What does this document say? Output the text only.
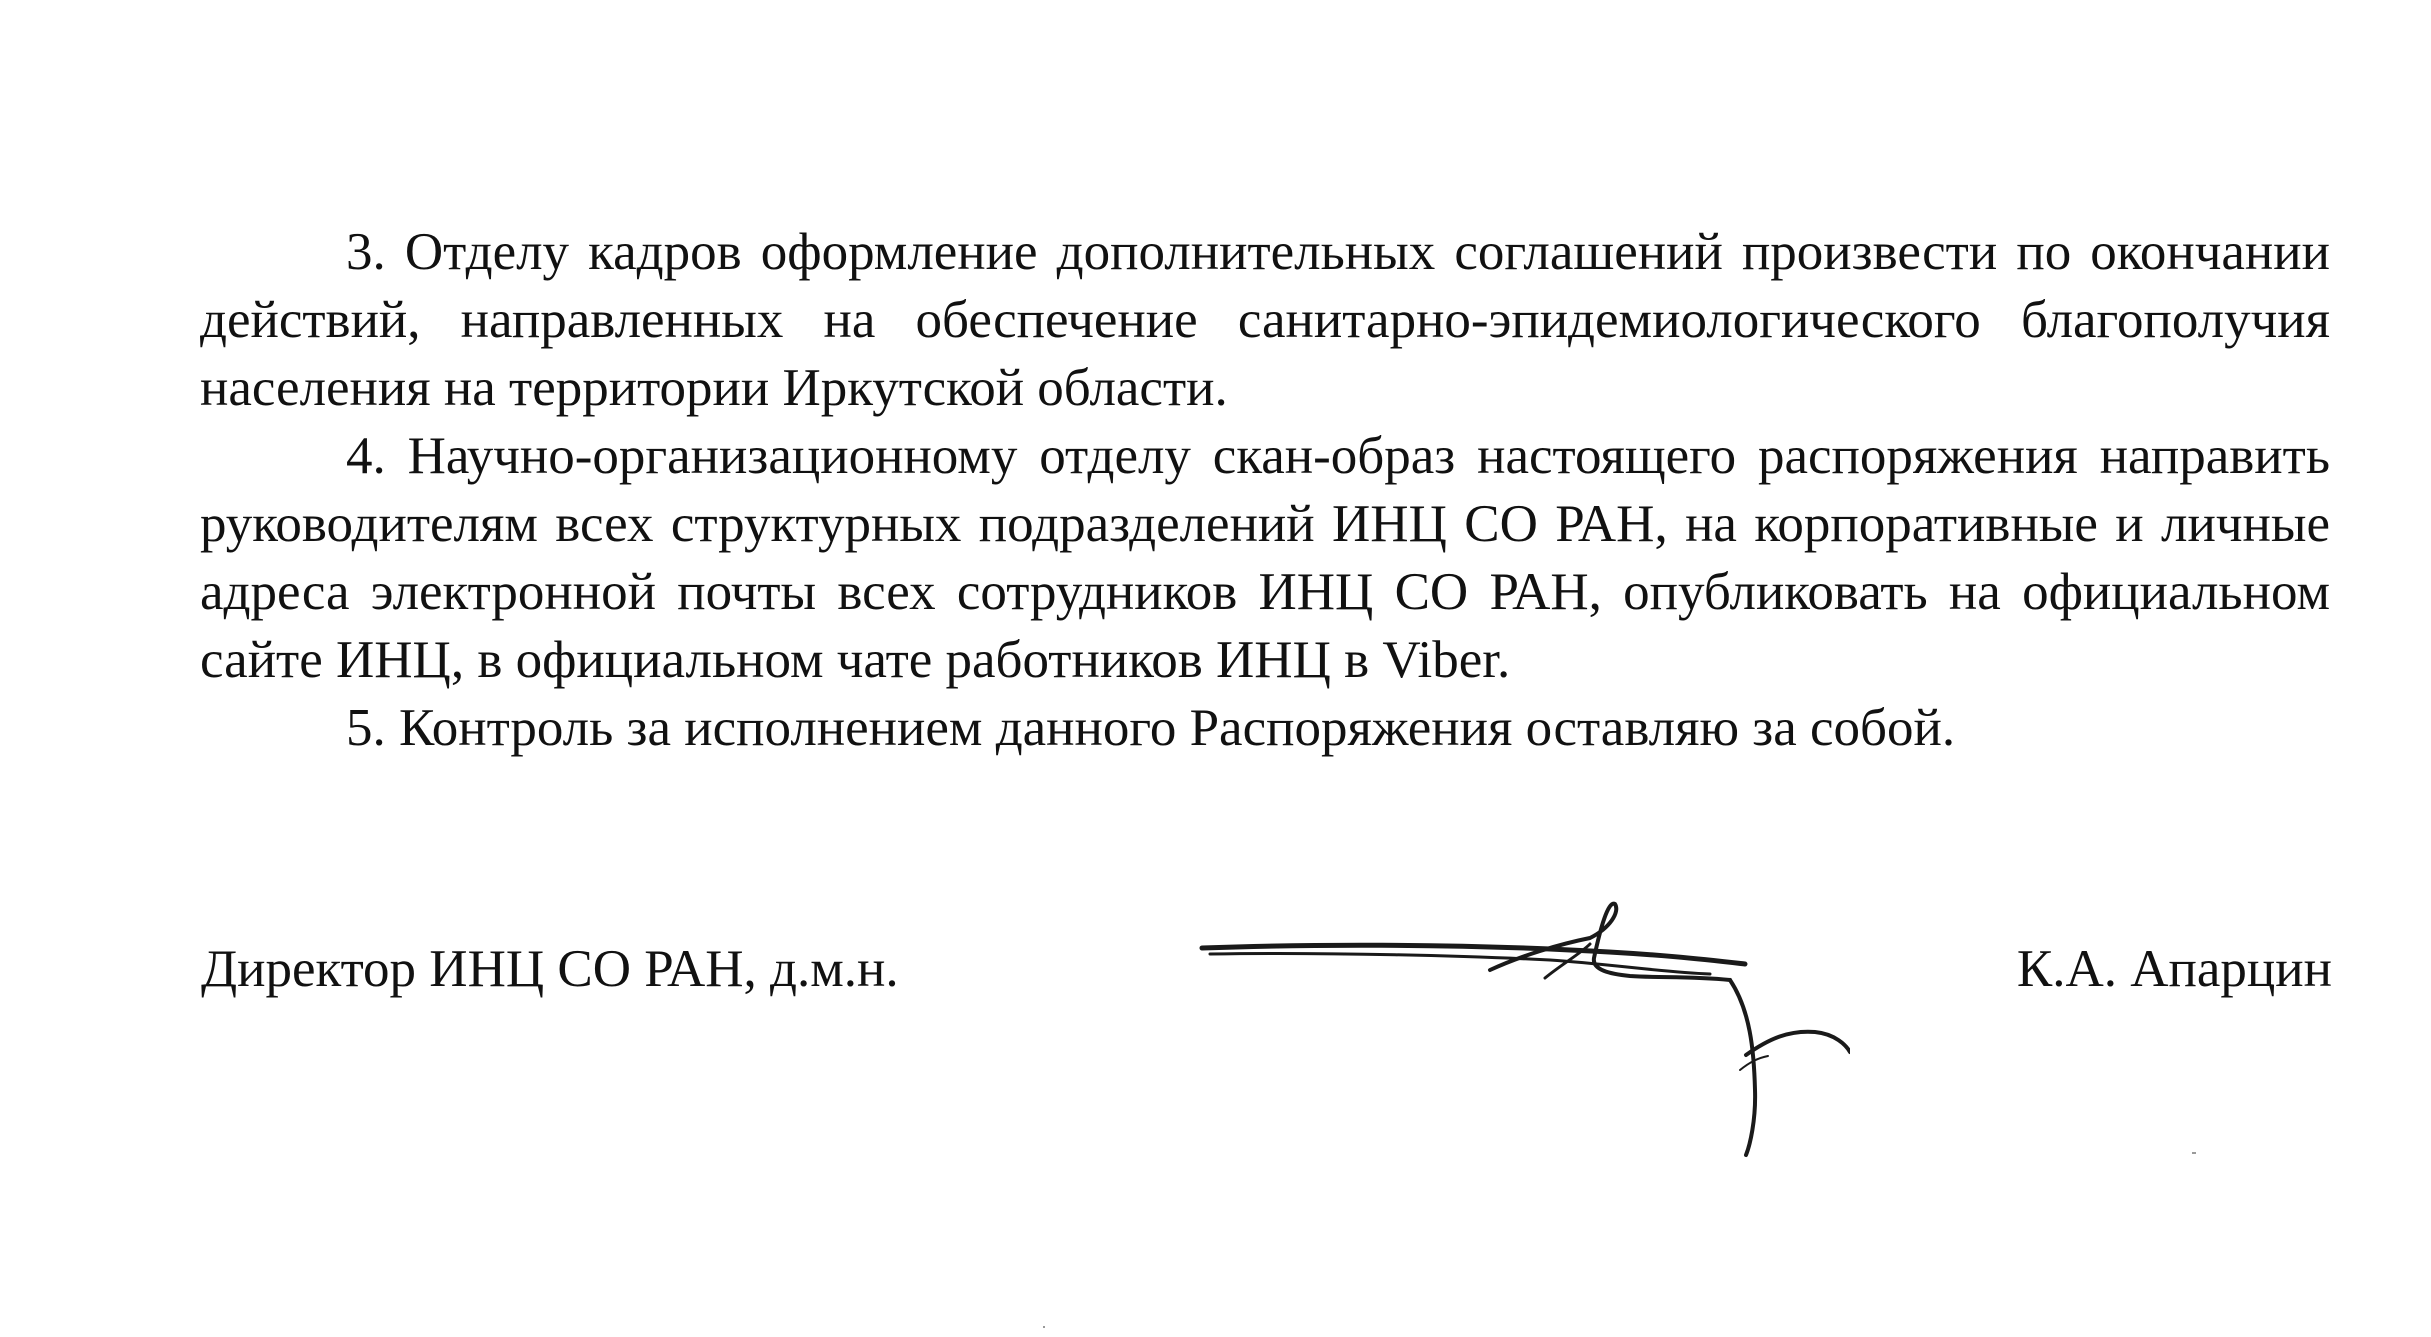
3. Отделу кадров оформление дополнительных соглашений произвести по окончании действий, направленных на обеспечение санитарно-эпидемиологического благополучия населения на территории Иркутской области.

4. Научно-организационному отделу скан-образ настоящего распоряжения направить руководителям всех структурных подразделений ИНЦ СО РАН, на корпоративные и личные адреса электронной почты всех сотрудников ИНЦ СО РАН, опубликовать на официальном сайте ИНЦ, в официальном чате работников ИНЦ в Viber.

5. Контроль за исполнением данного Распоряжения оставляю за собой.

Директор ИНЦ СО РАН, д.м.н.	К.А. Апарцин
